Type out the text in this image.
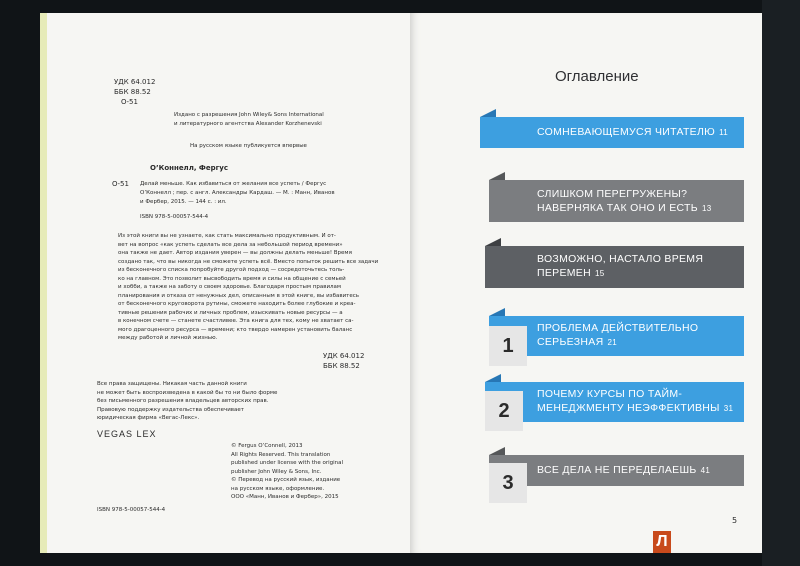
УДК 64.012
ББК 88.52
О-51
Издано с разрешения John Wiley& Sons International
и литературного агентства Alexander Korzhenevski
На русском языке публикуется впервые
О’Коннелл, Фергус
О-51 Делай меньше. Как избавиться от желания все успеть / Фергус
О’Коннелл ; пер. с англ. Александры Кардаш. — М. : Манн, Иванов
и Фербер, 2015. — 144 с. : ил.
ISBN 978-5-00057-544-4
Из этой книги вы не узнаете, как стать максимально продуктивным. И от-
вет на вопрос «как успеть сделать все дела за небольшой период времени»
она также не дает. Автор издания уверен — вы должны делать меньше! Время
создано так, что вы никогда не сможете успеть всё. Вместо попыток решить все задачи
из бесконечного списка попробуйте другой подход — сосредоточьтесь толь-
ко на главном. Это позволит высвободить время и силы на общение с семьей
и хобби, а также на заботу о своем здоровье. Благодаря простым правилам
планирования и отказа от ненужных дел, описанным в этой книге, вы избавитесь
от бесконечного круговорота рутины, сможете находить более глубокие и креа-
тивные решения рабочих и личных проблем, изыскивать новые ресурсы — а
в конечном счете — станете счастливее. Эта книга для тех, кому не хватает са-
мого драгоценного ресурса — времени; кто твердо намерен установить баланс
между работой и личной жизнью.
УДК 64.012
ББК 88.52
Все права защищены. Никакая часть данной книги
не может быть воспроизведена в какой бы то ни было форме
без письменного разрешения владельцев авторских прав.
Правовую поддержку издательства обеспечивает
юридическая фирма «Вегас-Лекс».
VEGAS LEX
© Fergus O’Connell, 2013
All Rights Reserved. This translation
published under license with the original
publisher John Wiley & Sons, Inc.
© Перевод на русский язык, издание
на русском языке, оформление.
ООО «Манн, Иванов и Фербер», 2015
ISBN 978-5-00057-544-4
Оглавление
СОМНЕВАЮЩЕМУСЯ ЧИТАТЕЛЮ 11
СЛИШКОМ ПЕРЕГРУЖЕНЫ?
НАВЕРНЯКА ТАК ОНО И ЕСТЬ 13
ВОЗМОЖНО, НАСТАЛО ВРЕМЯ
ПЕРЕМЕН 15
ПРОБЛЕМА ДЕЙСТВИТЕЛЬНО
СЕРЬЕЗНАЯ 21
1
ПОЧЕМУ КУРСЫ ПО ТАЙМ-
МЕНЕДЖМЕНТУ НЕЭФФЕКТИВНЫ 31
2
ВСЕ ДЕЛА НЕ ПЕРЕДЕЛАЕШЬ 41
3
5
Л
